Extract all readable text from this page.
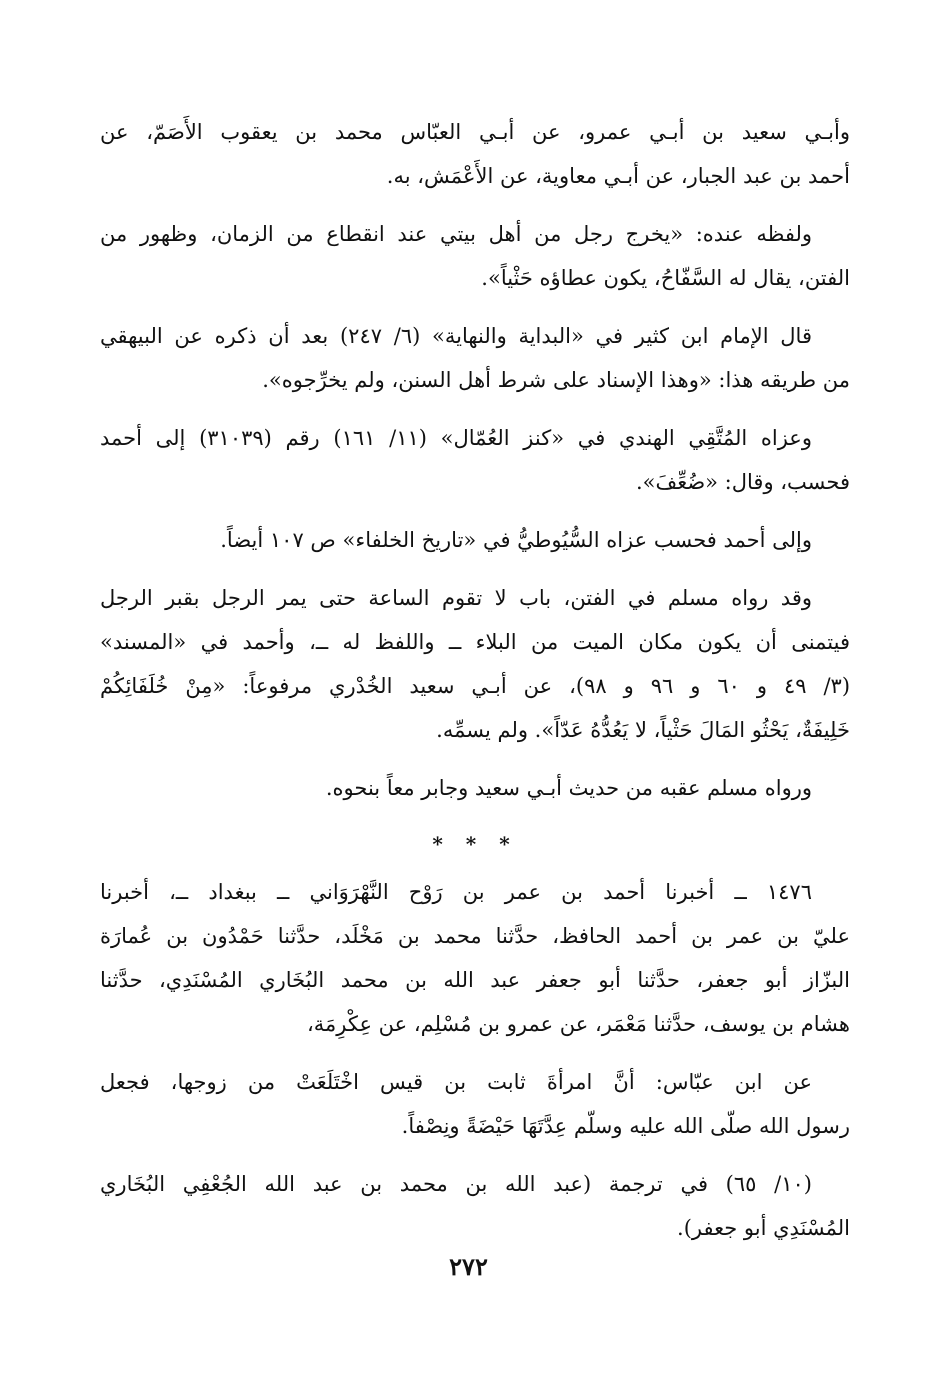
وأبـي سعيد بن أبـي عمرو، عن أبـي العبّاس محمد بن يعقوب الأَصَمّ، عن
أحمد بن عبد الجبار، عن أبـي معاوية، عن الأَعْمَش، به.
ولفظه عنده: «يخرج رجل من أهل بيتي عند انقطاع من الزمان، وظهور من
الفتن، يقال له السَّفّاحُ، يكون عطاؤه حَثْياً».
قال الإمام ابن كثير في «البداية والنهاية» (٦/ ٢٤٧) بعد أن ذكره عن البيهقي
من طريقه هذا: «وهذا الإسناد على شرط أهل السنن، ولم يخرِّجوه».
وعزاه المُتَّقِي الهندي في «كنز العُمّال» (١١/ ١٦١) رقم (٣١٠٣٩) إلى أحمد
فحسب، وقال: «ضُعِّفَ».
وإلى أحمد فحسب عزاه السُّيُوطيُّ في «تاريخ الخلفاء» ص ١٠٧ أيضاً.
وقد رواه مسلم في الفتن، باب لا تقوم الساعة حتى يمر الرجل بقبر الرجل
فيتمنى أن يكون مكان الميت من البلاء ــ واللفظ له ــ، وأحمد في «المسند»
(٣/ ٤٩ و ٦٠ و ٩٦ و ٩٨)، عن أبـي سعيد الخُدْري مرفوعاً: «مِنْ خُلَفَائِكُمْ
خَلِيفَةٌ، يَحْثُو المَالَ حَثْياً، لا يَعُدُّهُ عَدّاً». ولم يسمِّه.
ورواه مسلم عقبه من حديث أبـي سعيد وجابر معاً بنحوه.
* * *
١٤٧٦ ــ أخبرنا أحمد بن عمر بن رَوْح النَّهْرَوَاني ــ ببغداد ــ، أخبرنا
عليّ بن عمر بن أحمد الحافظ، حدَّثنا محمد بن مَخْلَد، حدَّثنا حَمْدُون بن عُمارَة
البزّاز أبو جعفر، حدَّثنا أبو جعفر عبد الله بن محمد البُخَاري المُسْنَدِي، حدَّثنا
هشام بن يوسف، حدَّثنا مَعْمَر، عن عمرو بن مُسْلِم، عن عِكْرِمَة،
عن ابن عبّاس: أنَّ امرأةَ ثابت بن قيس اخْتَلَعَتْ من زوجها، فجعل
رسول الله صلّى الله عليه وسلّم عِدَّتَهَا حَيْضَةً ونِصْفاً.
(١٠/ ٦٥) في ترجمة (عبد الله بن محمد بن عبد الله الجُعْفِي البُخَاري
المُسْنَدِي أبو جعفر).
٢٧٢
